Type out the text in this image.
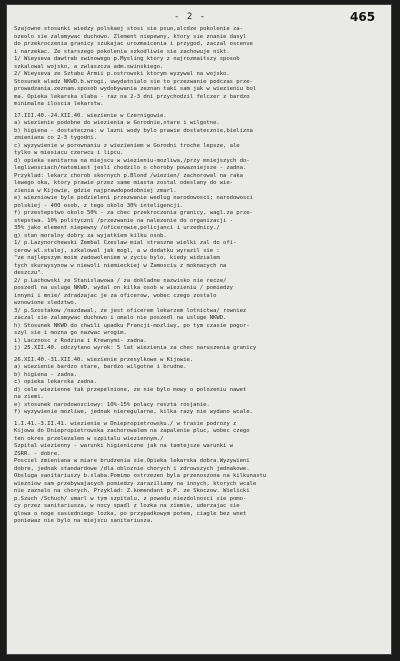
- 2 -	465
Szajowne stosunki wiedzy polskaej stosi sie psuo,alcdze pokolenie za-
ozeolo sie zalamywac duchowo. Zlement niepewny, ktory sie znanie dasyl
do przekroczenia granicy szukajac urozmaicenia i przygod, zaczal oscenve
i narzekac. Ze starszego pokolenia szkodliwie sie zachowuje nikt.
1/ Wieyseva dawtrab swinowego p.Mysling ktory z najrozmaitszy sposob
szkalowal wojsko, a zwlaszcza adm.swinskiego.
2/ Wieyseva ze Sztabu Armii p.ostrowski ktorym wyzywal na wojsko.
Stosunek wladz NKWD.b.wrogi, uwydatnialo sie to przezwanie podczas prze-
prowadzania.zeznam.sposob wydobywania zeznan taki sam jak w wiezieniu bol
ma. Opieka lekarska slaba - raz na 2-3 dni przychodzil felczer z bardzo
minimalna iloscia lekarstw.
17.III.40.-24.XII.40. wiezienie w Czernigowie.
a) wiezienie podobne do wiezienia w Gorodnie,stare i wilgotne.
b) higiena - dostateczna: w lazni wody bylo prawie dostatecznie,bielizna
zmieniana co 2-3 tygodni.
c) wyzywienie w porownaniu z wiezieniem w Gorodni troche lepsze, ale
tylko w miesiacu czerwcu i lipcu.
d) opieka sanitarna na miejscu w wiezieniu-mozliwa,/przy mniejszych do-
legliwosciach/natomiast jesli chodzilo o choroby powazniejsze - zadna.
Przyklad: lekarz chorob skornych p.Blond /wiezien/ zachorowal na raka
lewego oka, ktory prawie przez same miasta zostal odeslany do wie-
zienia w Kijowie, gdzie najprawdopodobniej zmarl.
e) wiezniowie byle podzieleni przezwanie wedlug narodowosci; narodowosci
polskiej - 400 osob, z tego okolo 30% inteligencji.
f) przestepstwo okolo 50% - za chec przekroczenia granicy, wagl.za prze-
stepstwa. 10% polityczni /przezwanie na nalezenie do organizacji -
35% jako element niepewny /oficerowie,policjanci i urzednicy./
g) stan moralny dobry za wyjatkiem kilku osob.
1/ p.Lazynorchewski Zembal Czeslaw mial straszne wielki zal do ofi-
cerow wl.stalej, szkalowal jak mogl, a w dodatku wyrazil sie :
"ze najlepszym moim zadowoleniem w zyciu bylo, kiedy widzialem
tych skurwysynow w niewoli niemieckiej w Zamosciu z moknacych na
deszczu".
2/ p.Lachowski ze Stanislawowa / za dokladne nazwisko nie recze/
poszedl na usluge NKWD. wydal on kilka osob w wiezieniu / pomiedzy
innymi i mnie/ zdradzajac je za oficerow, wobec czego zostalo
wznowione sledztwo.
3/ p.Szostakow /nazdawal, ze jest oficerem lekarzem lotnictwa/ rowniez
zaczal sie zalamywac duchowo i omalo nie poszedl na usluge NKWD.
h) Stosunek NKWD do chwili upadku Francji-mozliwy, po tym czasie pogor-
szyl sie i mozna go nazwac wrogim.
i) Lacznosc z Rodzina i Krewnymi- zadna.
j) 25.XII.40. odczytano wyrok: 5 lat wiezienia za chec naruszenia granicy
26.XII.40.-31.XII.40. wiezienie przesylkowe w Kijowie.
a) wiezienie bardzo stare, bardzo wilgotne i brudne.
b) higiena - zadna.
c) opieka lekarska zadna.
d) cele wiezienne tak przepelnione, ze nie bylo mowy o polozeniu nawet
na ziemi.
e) stosunek narodowosciowy: 10%-15% polacy reszta rosjanie.
f) wyzywienie mozliwe, jednak nieregularne, kilka razy nie wydano wcale.
1.I.41.-3.II.41. wiezienie w Dniepropietrowsku./ w trasie podrozy z
Kijowa do Dniepropietrowska zachorowalem na zapalenie pluc, wobec czego
ten okres przelezalem w szpitalu wieziennym./
Szpital wiezienny - warunki higieniczne jak na tamtejsze warunki w
ZSRR. - dobre.
Posciel zmieniana w miare brudzenia sie.Opieka lekarska dobra.Wyzywieni
dobre, jednak standardowe /dla obloznie chorych i zdrowszych jednakowe.
Obsluga sanitariuszy b.slaba.Pomimo ostrzezen byla przenoszona na kilkunastu
wiezniow sam przebywajacych pomiedzy zaraziliamy na innych, ktorych wcale
nie zaznalo na chorych. Przyklad: Z.komendant p.P. ze Skoczow. Wielicki
p.Szuch /Schuch/ umarl w tym szpitalu, z powodu niezdolnosci sie pomo-
cy przez sanitariusza, w nocy spadl z lozka na ziemie, uderzajac sie
glowa o noge sasiedniego lozka, po przypadkowym potem, ciagle bez wnet
poniewaz nie bylo na miejscu sanitariusza.
